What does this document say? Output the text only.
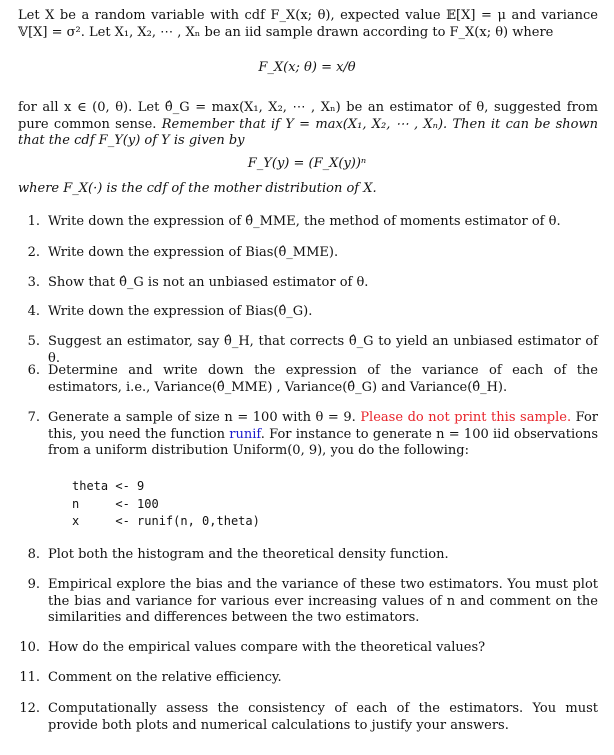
Let X be a random variable with cdf F_X(x; θ), expected value 𝔼[X] = μ and variance 𝕍[X] = σ². Let X₁, X₂, ⋯ , Xₙ be an iid sample drawn according to F_X(x; θ) where
F_X(x; θ) = x/θ
for all x ∈ (0, θ). Let θ̂_G = max(X₁, X₂, ⋯ , Xₙ) be an estimator of θ, suggested from pure common sense. Remember that if Y = max(X₁, X₂, ⋯ , Xₙ). Then it can be shown that the cdf F_Y(y) of Y is given by
F_Y(y) = (F_X(y))ⁿ
where F_X(·) is the cdf of the mother distribution of X.
1. Write down the expression of θ̂_MME, the method of moments estimator of θ.
2. Write down the expression of Bias(θ̂_MME).
3. Show that θ̂_G is not an unbiased estimator of θ.
4. Write down the expression of Bias(θ̂_G).
5. Suggest an estimator, say θ̂_H, that corrects θ̂_G to yield an unbiased estimator of θ.
6. Determine and write down the expression of the variance of each of the estimators, i.e., Variance(θ̂_MME) , Variance(θ̂_G) and Variance(θ̂_H).
7. Generate a sample of size n = 100 with θ = 9. Please do not print this sample. For this, you need the function runif. For instance to generate n = 100 iid observations from a uniform distribution Uniform(0, 9), you do the following:
theta <- 9
n     <- 100
x     <- runif(n, 0,theta)
8. Plot both the histogram and the theoretical density function.
9. Empirical explore the bias and the variance of these two estimators. You must plot the bias and variance for various ever increasing values of n and comment on the similarities and differences between the two estimators.
10. How do the empirical values compare with the theoretical values?
11. Comment on the relative efficiency.
12. Computationally assess the consistency of each of the estimators. You must provide both plots and numerical calculations to justify your answers.
